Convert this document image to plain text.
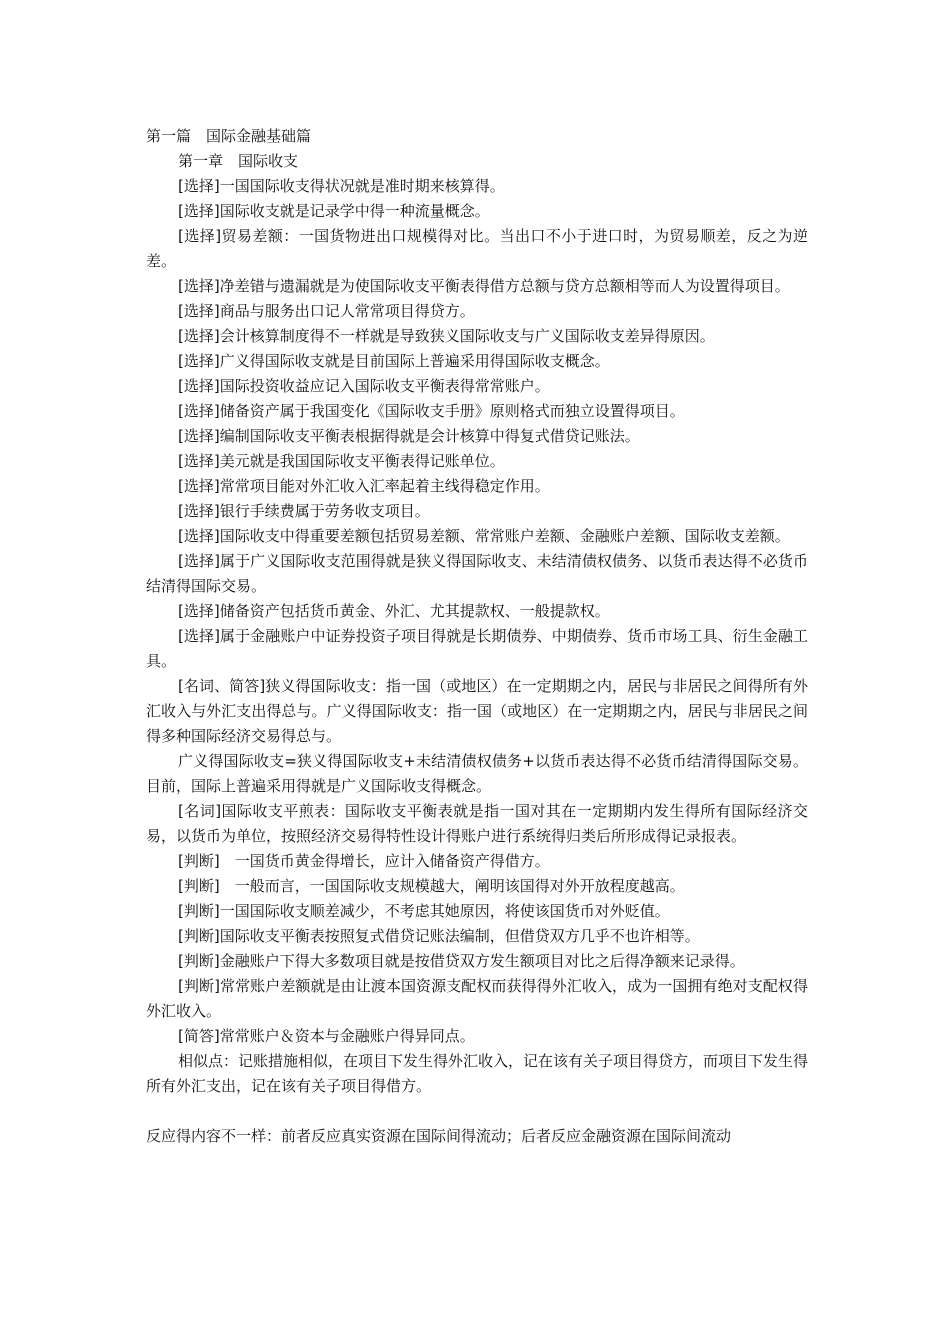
第一篇　国际金融基础篇

第一章　国际收支

[选择]一国国际收支得状况就是准时期来核算得。

[选择]国际收支就是记录学中得一种流量概念。

[选择]贸易差额：一国货物进出口规模得对比。当出口不小于进口时，为贸易顺差，反之为逆差。

[选择]净差错与遗漏就是为使国际收支平衡表得借方总额与贷方总额相等而人为设置得项目。

[选择]商品与服务出口记人常常项目得贷方。

[选择]会计核算制度得不一样就是导致狭义国际收支与广义国际收支差异得原因。

[选择]广义得国际收支就是目前国际上普遍采用得国际收支概念。

[选择]国际投资收益应记入国际收支平衡表得常常账户。

[选择]储备资产属于我国变化《国际收支手册》原则格式而独立设置得项目。

[选择]编制国际收支平衡表根据得就是会计核算中得复式借贷记账法。

[选择]美元就是我国国际收支平衡表得记账单位。

[选择]常常项目能对外汇收入汇率起着主线得稳定作用。

[选择]银行手续费属于劳务收支项目。

[选择]国际收支中得重要差额包括贸易差额、常常账户差额、金融账户差额、国际收支差额。

[选择]属于广义国际收支范围得就是狭义得国际收支、未结清债权债务、以货币表达得不必货币结清得国际交易。

[选择]储备资产包括货币黄金、外汇、尤其提款权、一般提款权。

[选择]属于金融账户中证券投资子项目得就是长期债券、中期债券、货币市场工具、衍生金融工具。

[名词、简答]狭义得国际收支：指一国（或地区）在一定期期之内，居民与非居民之间得所有外汇收入与外汇支出得总与。广义得国际收支：指一国（或地区）在一定期期之内，居民与非居民之间得多种国际经济交易得总与。

广义得国际收支=狭义得国际收支+未结清债权债务+以货币表达得不必货币结清得国际交易。目前，国际上普遍采用得就是广义国际收支得概念。

[名词]国际收支平煎表：国际收支平衡表就是指一国对其在一定期期内发生得所有国际经济交易，以货币为单位，按照经济交易得特性设计得账户进行系统得归类后所形成得记录报表。

[判断]　一国货币黄金得增长，应计入储备资产得借方。

[判断]　一般而言，一国国际收支规模越大，阐明该国得对外开放程度越高。

[判断]一国国际收支顺差减少，不考虑其她原因，将使该国货币对外贬值。

[判断]国际收支平衡表按照复式借贷记账法编制，但借贷双方几乎不也许相等。

[判断]金融账户下得大多数项目就是按借贷双方发生额项目对比之后得净额来记录得。

[判断]常常账户差额就是由让渡本国资源支配权而获得得外汇收入，成为一国拥有绝对支配权得外汇收入。

[简答]常常账户＆资本与金融账户得异同点。

相似点：记账措施相似，在项目下发生得外汇收入，记在该有关子项目得贷方，而项目下发生得所有外汇支出，记在该有关子项目得借方。

反应得内容不一样：前者反应真实资源在国际间得流动；后者反应金融资源在国际间流动
